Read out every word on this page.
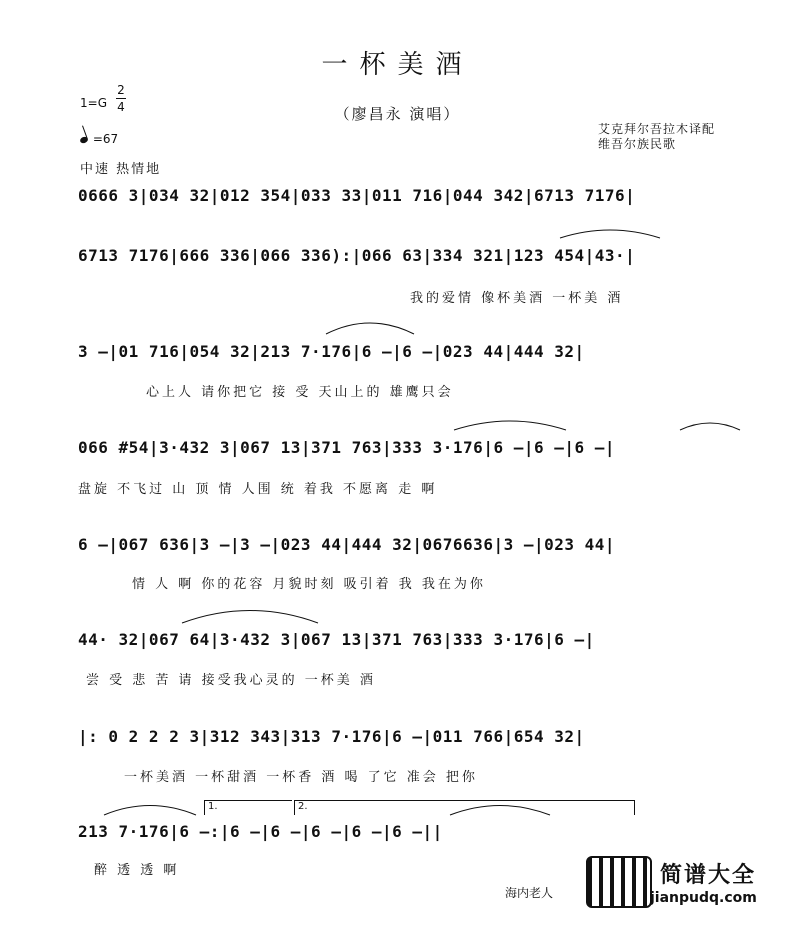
一杯美酒
（廖昌永 演唱）
1=G
2
4
=67
中速 热情地
艾克拜尔吾拉木译配
维吾尔族民歌
0666 3|034 32|012 354|033 33|011 716|044 342|6713 7176|
6713 7176|666 336|066 336):|066 63|334 321|123 454|43·|
我的爱情 像杯美酒 一杯美 酒
3 –|01 716|054 32|213 7·176|6 –|6 –|023 44|444 32|
心上人 请你把它 接 受 天山上的 雄鹰只会
066 #54|3·432 3|067 13|371 763|333 3·176|6 –|6 –|6 –|
盘旋 不飞过 山 顶 情 人围 统 着我 不愿离 走 啊
6 –|067 636|3 –|3 –|023 44|444 32|0676636|3 –|023 44|
情 人 啊 你的花容 月貌时刻 吸引着 我 我在为你
44· 32|067 64|3·432 3|067 13|371 763|333 3·176|6 –|
尝 受 悲 苦 请 接受我心灵的 一杯美 酒
|: 0 2 2 2 3|312 343|313 7·176|6 –|011 766|654 32|
一杯美酒 一杯甜酒 一杯香 酒 喝 了它 准会 把你
213 7·176|6 –:|6 –|6 –|6 –|6 –|6 –||
醉 透 透 啊
1.	2.
海内老人
简谱大全
jianpudq.com
